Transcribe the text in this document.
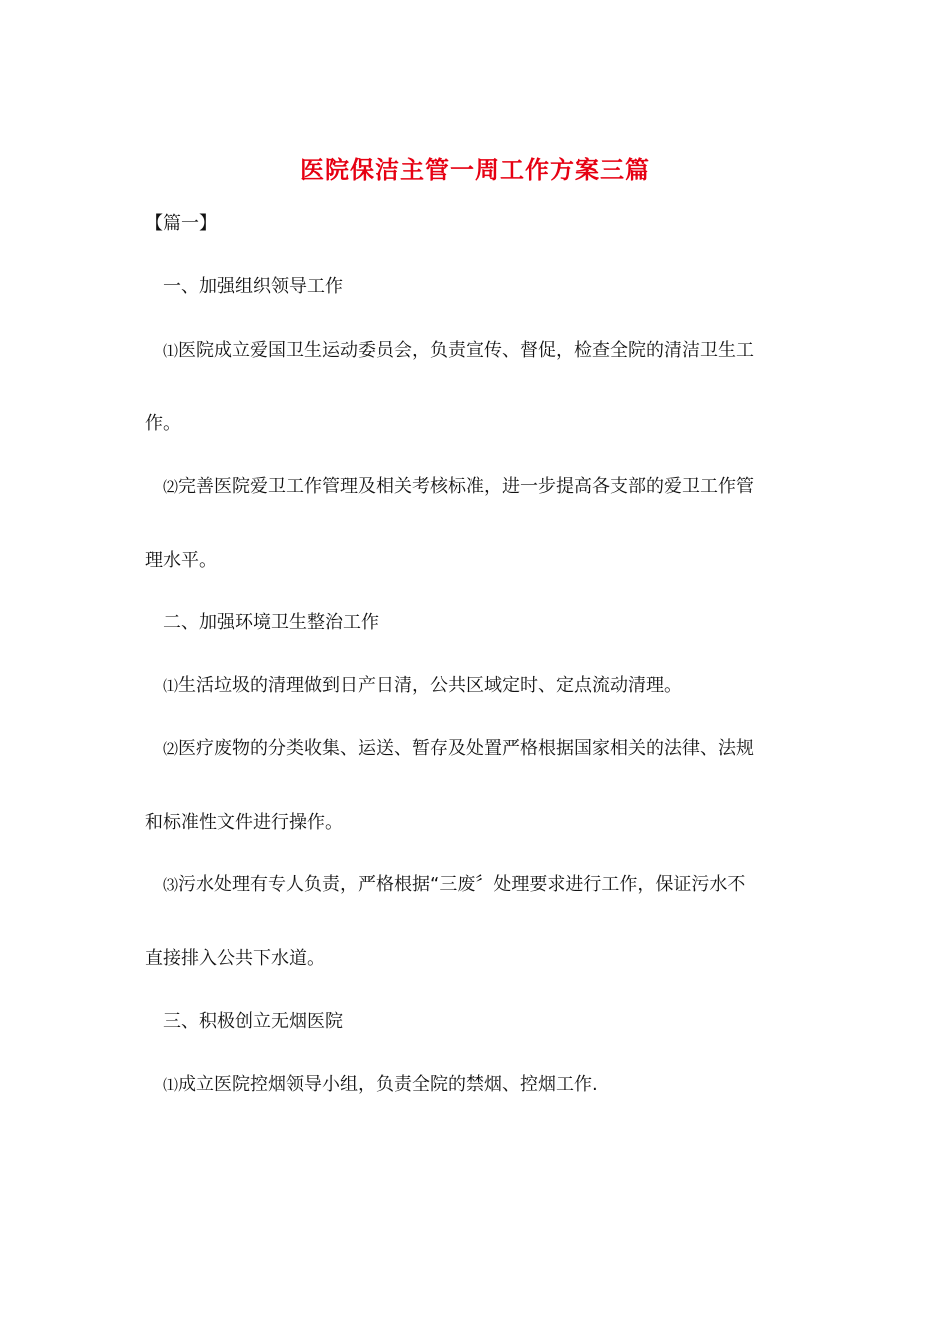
医院保洁主管一周工作方案三篇
【篇一】
一、加强组织领导工作
⑴医院成立爱国卫生运动委员会，负责宣传、督促，检查全院的清洁卫生工
作。
⑵完善医院爱卫工作管理及相关考核标准，进一步提高各支部的爱卫工作管
理水平。
二、加强环境卫生整治工作
⑴生活垃圾的清理做到日产日清，公共区域定时、定点流动清理。
⑵医疗废物的分类收集、运送、暂存及处置严格根据国家相关的法律、法规
和标准性文件进行操作。
⑶污水处理有专人负责，严格根据“三废〞处理要求进行工作，保证污水不
直接排入公共下水道。
三、积极创立无烟医院
⑴成立医院控烟领导小组，负责全院的禁烟、控烟工作.
